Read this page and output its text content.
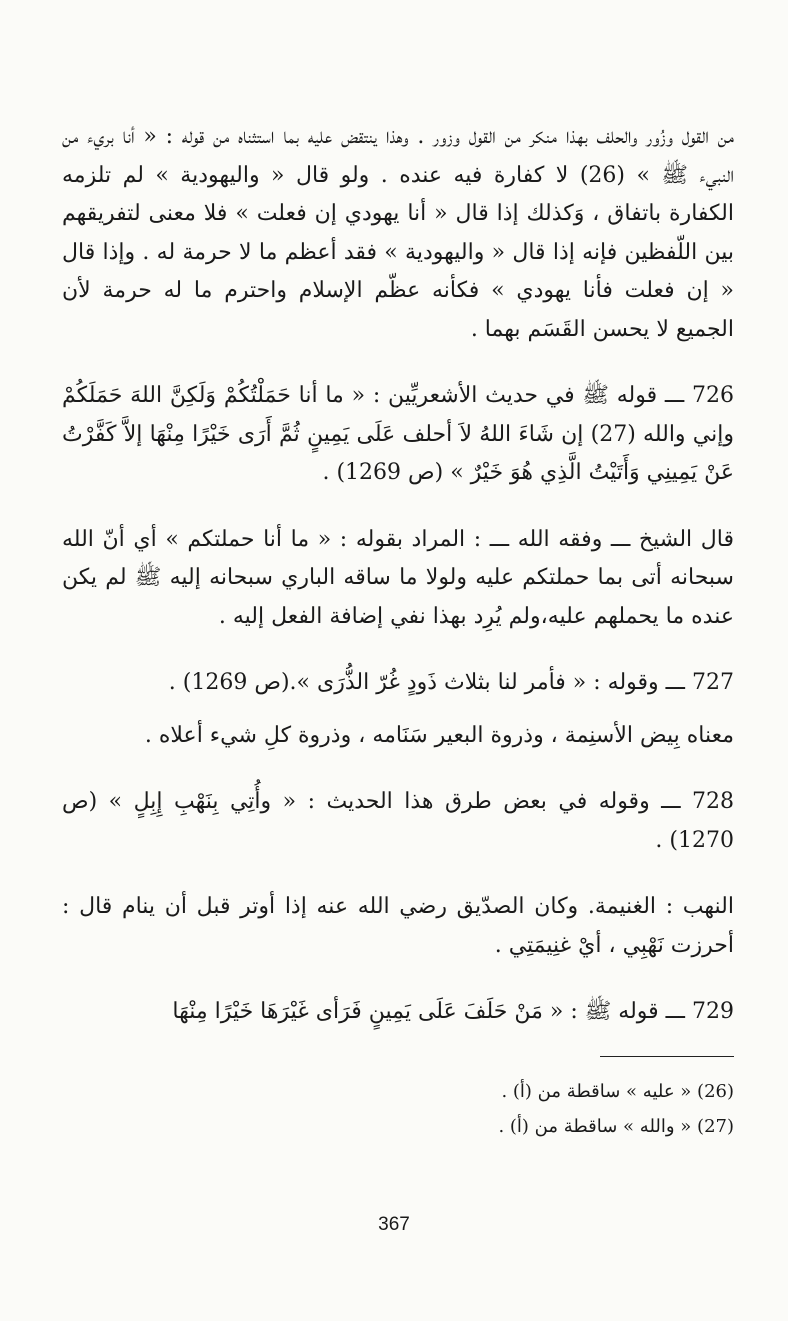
من القول وزُور والحلف بهذا منكر من القول وزور . وهذا ينتقض عليه بما استثناه من قوله : « أنا بريء من النبيء ﷺ » (26) لا كفارة فيه عنده . ولو قال « واليهودية » لم تلزمه الكفارة باتفاق ، وَكذلك إذا قال « أنا يهودي إن فعلت » فلا معنى لتفريقهم بين اللّفظين فإنه إذا قال « واليهودية » فقد أعظم ما لا حرمة له . وإذا قال « إن فعلت فأنا يهودي » فكأنه عظّم الإسلام واحترم ما له حرمة لأن الجميع لا يحسن القَسَم بهما .

726 ـــ قوله ﷺ في حديث الأشعريِّين : « ما أنا حَمَلْتُكُمْ وَلَكِنَّ اللهَ حَمَلَكُمْ وإني والله (27) إن شَاءَ اللهُ لاَ أحلف عَلَى يَمِينٍ ثُمَّ أَرَى خَيْرًا مِنْهَا إلاَّ كَفَّرْتُ عَنْ يَمِينِي وَأَتَيْتُ الَّذِي هُوَ خَيْرٌ » (ص 1269) .

قال الشيخ ـــ وفقه الله ـــ : المراد بقوله : « ما أنا حملتكم » أي أنّ الله سبحانه أتى بما حملتكم عليه ولولا ما ساقه الباري سبحانه إليه ﷺ لم يكن عنده ما يحملهم عليه،ولم يُرِد بهذا نفي إضافة الفعل إليه .

727 ـــ وقوله : « فأمر لنا بثلاث ذَودٍ غُرّ الذُّرَى ».(ص 1269) .

معناه بِيض الأسنِمة ، وذروة البعير سَنَامه ، وذروة كلِ شيء أعلاه .

728 ـــ وقوله في بعض طرق هذا الحديث : « وأُتِي بِنَهْبِ إِبِلٍ » (ص 1270) .

النهب : الغنيمة. وكان الصدّيق رضي الله عنه إذا أوتر قبل أن ينام قال : أحرزت نَهْبِي ، أيْ غنِيمَتِي .

729 ـــ قوله ﷺ : « مَنْ حَلَفَ عَلَى يَمِينٍ فَرَأى غَيْرَهَا خَيْرًا مِنْهَا

(26) « عليه » ساقطة من (أ) .

(27) « والله » ساقطة من (أ) .

367
